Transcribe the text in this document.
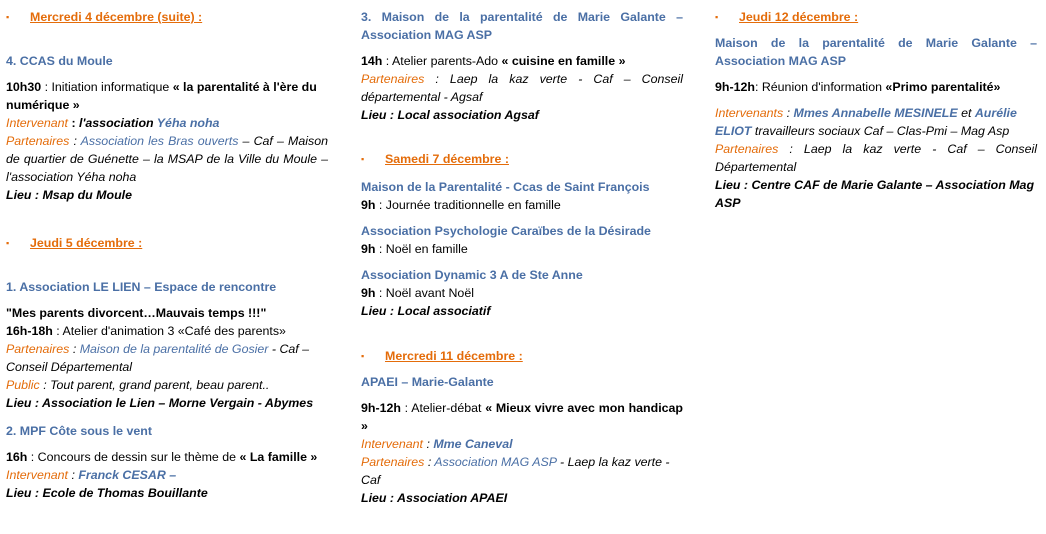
▪ Mercredi 4 décembre (suite) :

4. CCAS du Moule

10h30 : Initiation informatique « la parentalité à l'ère du numérique »

Intervenant : l'association Yéha noha

Partenaires : Association les Bras ouverts – Caf – Maison de quartier de Guénette – la MSAP de la Ville du Moule – l'association Yéha noha

Lieu : Msap du Moule

▪ Jeudi 5 décembre :

1. Association LE LIEN – Espace de rencontre

"Mes parents divorcent…Mauvais temps !!!"

16h-18h : Atelier d'animation 3 «Café des parents»

Partenaires : Maison de la parentalité de Gosier - Caf – Conseil Départemental

Public : Tout parent, grand parent, beau parent..

Lieu : Association le Lien – Morne Vergain - Abymes

2. MPF Côte sous le vent

16h : Concours de dessin sur le thème de « La famille »

Intervenant : Franck CESAR –

Lieu : Ecole de Thomas Bouillante

3. Maison de la parentalité de Marie Galante – Association MAG ASP

14h : Atelier parents-Ado « cuisine en famille »

Partenaires : Laep la kaz verte - Caf – Conseil départemental - Agsaf

Lieu : Local association Agsaf

▪ Samedi 7 décembre :

Maison de la Parentalité - Ccas de Saint François

9h : Journée traditionnelle en famille

Association Psychologie Caraïbes de la Désirade

9h : Noël en famille

Association Dynamic 3 A de Ste Anne

9h : Noël avant Noël

Lieu : Local associatif

▪ Mercredi 11 décembre :

APAEI – Marie-Galante

9h-12h : Atelier-débat « Mieux vivre avec mon handicap »

Intervenant : Mme Caneval

Partenaires : Association MAG ASP - Laep la kaz verte - Caf

Lieu : Association APAEI

▪ Jeudi 12 décembre :

Maison de la parentalité de Marie Galante – Association MAG ASP

9h-12h: Réunion d'information «Primo parentalité»

Intervenants : Mmes Annabelle MESINELE et Aurélie ELIOT travailleurs sociaux Caf – Clas-Pmi – Mag Asp

Partenaires : Laep la kaz verte - Caf – Conseil Départemental

Lieu : Centre CAF de Marie Galante – Association Mag ASP
